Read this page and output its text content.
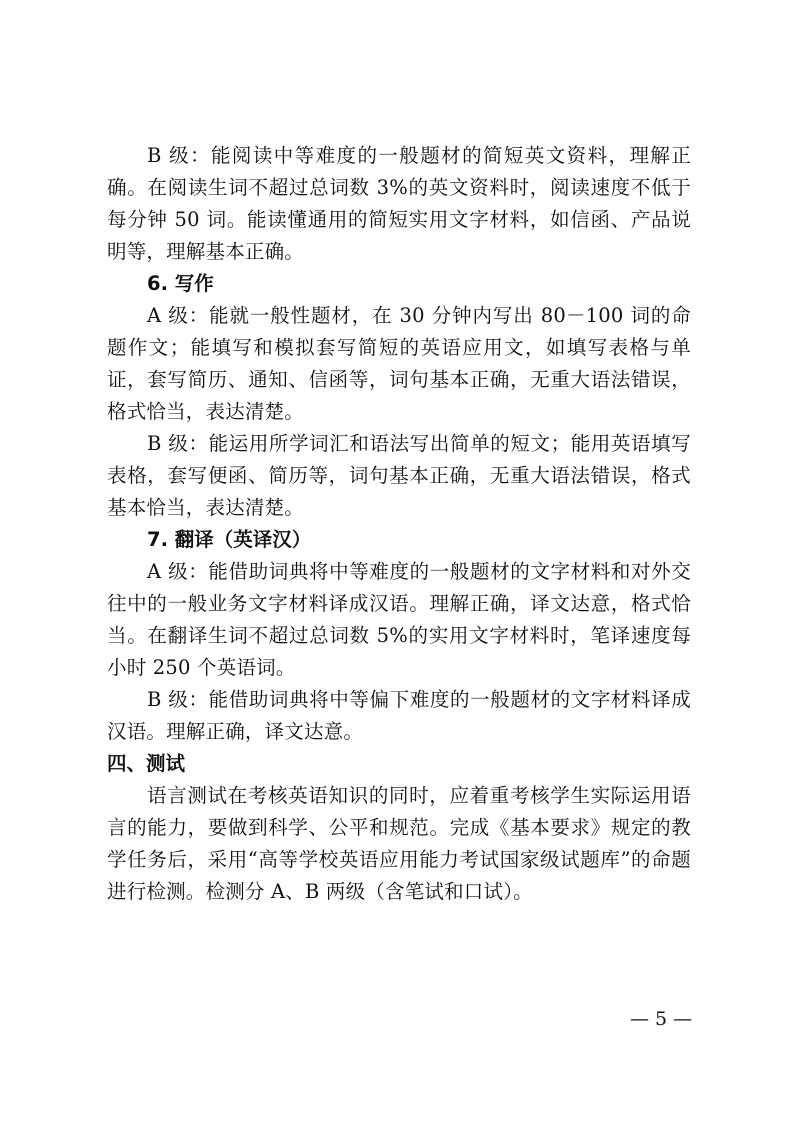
B 级：能阅读中等难度的一般题材的简短英文资料，理解正确。在阅读生词不超过总词数 3%的英文资料时，阅读速度不低于每分钟 50 词。能读懂通用的简短实用文字材料，如信函、产品说明等，理解基本正确。

6. 写作

A 级：能就一般性题材，在 30 分钟内写出 80－100 词的命题作文；能填写和模拟套写简短的英语应用文，如填写表格与单证，套写简历、通知、信函等，词句基本正确，无重大语法错误，格式恰当，表达清楚。

B 级：能运用所学词汇和语法写出简单的短文；能用英语填写表格，套写便函、简历等，词句基本正确，无重大语法错误，格式基本恰当，表达清楚。

7. 翻译（英译汉）

A 级：能借助词典将中等难度的一般题材的文字材料和对外交往中的一般业务文字材料译成汉语。理解正确，译文达意，格式恰当。在翻译生词不超过总词数 5%的实用文字材料时，笔译速度每小时 250 个英语词。

B 级：能借助词典将中等偏下难度的一般题材的文字材料译成汉语。理解正确，译文达意。

四、测试

语言测试在考核英语知识的同时，应着重考核学生实际运用语言的能力，要做到科学、公平和规范。完成《基本要求》规定的教学任务后，采用“高等学校英语应用能力考试国家级试题库”的命题进行检测。检测分 A、B 两级（含笔试和口试）。

— 5 —
